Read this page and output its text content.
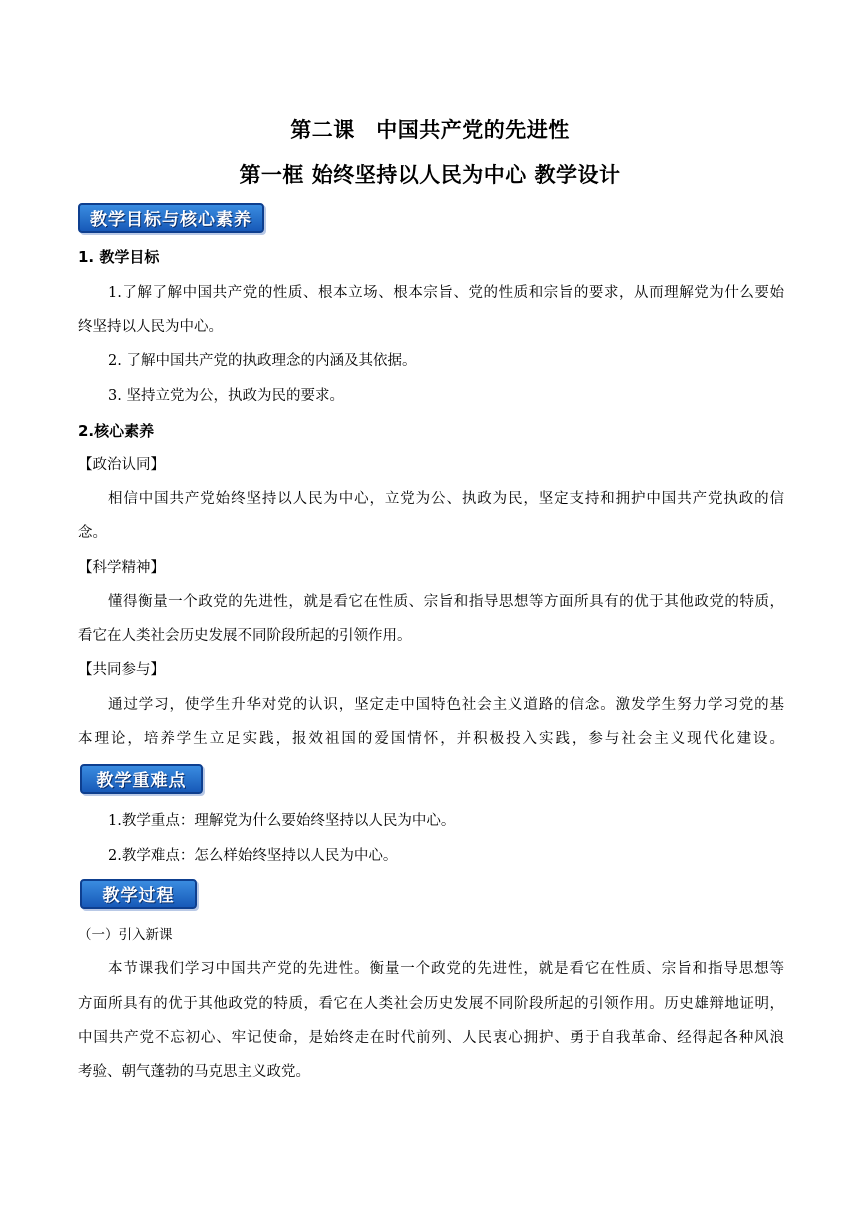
第二课　中国共产党的先进性
第一框 始终坚持以人民为中心 教学设计
教学目标与核心素养
1. 教学目标
1.了解了解中国共产党的性质、根本立场、根本宗旨、党的性质和宗旨的要求，从而理解党为什么要始
终坚持以人民为中心。
2. 了解中国共产党的执政理念的内涵及其依据。
3. 坚持立党为公，执政为民的要求。
2.核心素养
【政治认同】
相信中国共产党始终坚持以人民为中心，立党为公、执政为民，坚定支持和拥护中国共产党执政的信
念。
【科学精神】
懂得衡量一个政党的先进性，就是看它在性质、宗旨和指导思想等方面所具有的优于其他政党的特质，
看它在人类社会历史发展不同阶段所起的引领作用。
【共同参与】
通过学习，使学生升华对党的认识，坚定走中国特色社会主义道路的信念。激发学生努力学习党的基
本理论，培养学生立足实践，报效祖国的爱国情怀，并积极投入实践，参与社会主义现代化建设。
教学重难点
1.教学重点：理解党为什么要始终坚持以人民为中心。
2.教学难点：怎么样始终坚持以人民为中心。
教学过程
（一）引入新课
本节课我们学习中国共产党的先进性。衡量一个政党的先进性，就是看它在性质、宗旨和指导思想等
方面所具有的优于其他政党的特质，看它在人类社会历史发展不同阶段所起的引领作用。历史雄辩地证明，
中国共产党不忘初心、牢记使命，是始终走在时代前列、人民衷心拥护、勇于自我革命、经得起各种风浪
考验、朝气蓬勃的马克思主义政党。
